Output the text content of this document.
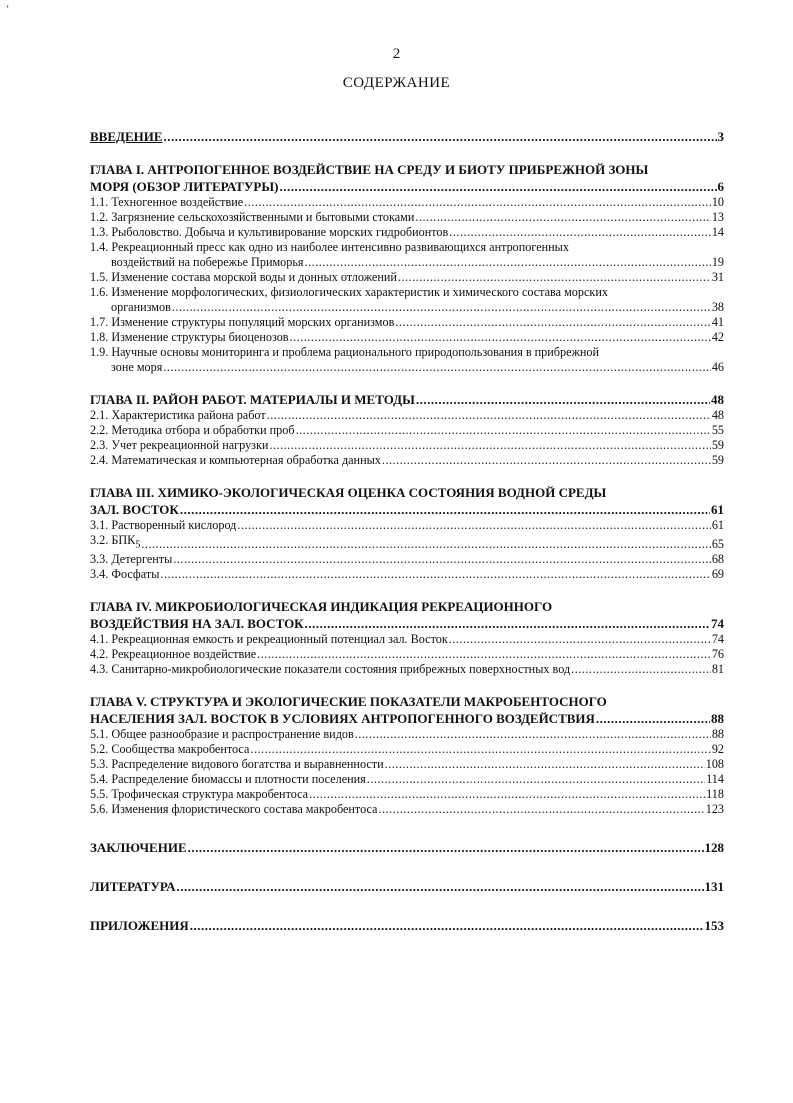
ʻ
2
СОДЕРЖАНИЕ
ВВЕДЕНИЕ .....	3
ГЛАВА I. АНТРОПОГЕННОЕ ВОЗДЕЙСТВИЕ НА СРЕДУ И БИОТУ ПРИБРЕЖНОЙ ЗОНЫ
МОРЯ (ОБЗОР ЛИТЕРАТУРЫ) .....	6
1.1. Техногенное воздействие .....	10
1.2. Загрязнение сельскохозяйственными и бытовыми стоками .....	13
1.3. Рыболовство. Добыча и культивирование морских гидробионтов .....	14
1.4. Рекреационный пресс как одно из наиболее интенсивно развивающихся антропогенных
воздействий на побережье Приморья .....	19
1.5. Изменение состава морской воды и донных отложений .....	31
1.6. Изменение морфологических, физиологических характеристик и химического состава морских
организмов .....	38
1.7. Изменение структуры популяций морских организмов .....	41
1.8. Изменение структуры биоценозов .....	42
1.9. Научные основы мониторинга и проблема рационального природопользования в прибрежной
зоне моря .....	46
ГЛАВА II. РАЙОН РАБОТ. МАТЕРИАЛЫ И МЕТОДЫ .....	48
2.1. Характеристика района работ .....	48
2.2. Методика отбора и обработки проб .....	55
2.3. Учет рекреационной нагрузки .....	59
2.4. Математическая и компьютерная обработка данных .....	59
ГЛАВА III. ХИМИКО-ЭКОЛОГИЧЕСКАЯ ОЦЕНКА СОСТОЯНИЯ ВОДНОЙ СРЕДЫ
ЗАЛ. ВОСТОК .....	61
3.1. Растворенный кислород .....	61
3.2. $БПК_5$ .....	65
3.3. Детергенты .....	68
3.4. Фосфаты .....	69
ГЛАВА IV. МИКРОБИОЛОГИЧЕСКАЯ ИНДИКАЦИЯ РЕКРЕАЦИОННОГО
ВОЗДЕЙСТВИЯ НА ЗАЛ. ВОСТОК .....	74
4.1. Рекреационная емкость и рекреационный потенциал зал. Восток .....	74
4.2. Рекреационное воздействие .....	76
4.3. Санитарно-микробиологические показатели состояния прибрежных поверхностных вод .....	81
ГЛАВА V. СТРУКТУРА И ЭКОЛОГИЧЕСКИЕ ПОКАЗАТЕЛИ МАКРОБЕНТОСНОГО
НАСЕЛЕНИЯ ЗАЛ. ВОСТОК В УСЛОВИЯХ АНТРОПОГЕННОГО ВОЗДЕЙСТВИЯ .....	88
5.1. Общее разнообразие и распространение видов .....	88
5.2. Сообщества макробентоса .....	92
5.3. Распределение видового богатства и выравненности .....	108
5.4. Распределение биомассы и плотности поселения .....	114
5.5. Трофическая структура макробентоса .....	118
5.6. Изменения флористического состава макробентоса .....	123
ЗАКЛЮЧЕНИЕ .....	128
ЛИТЕРАТУРА .....	131
ПРИЛОЖЕНИЯ .....	153
